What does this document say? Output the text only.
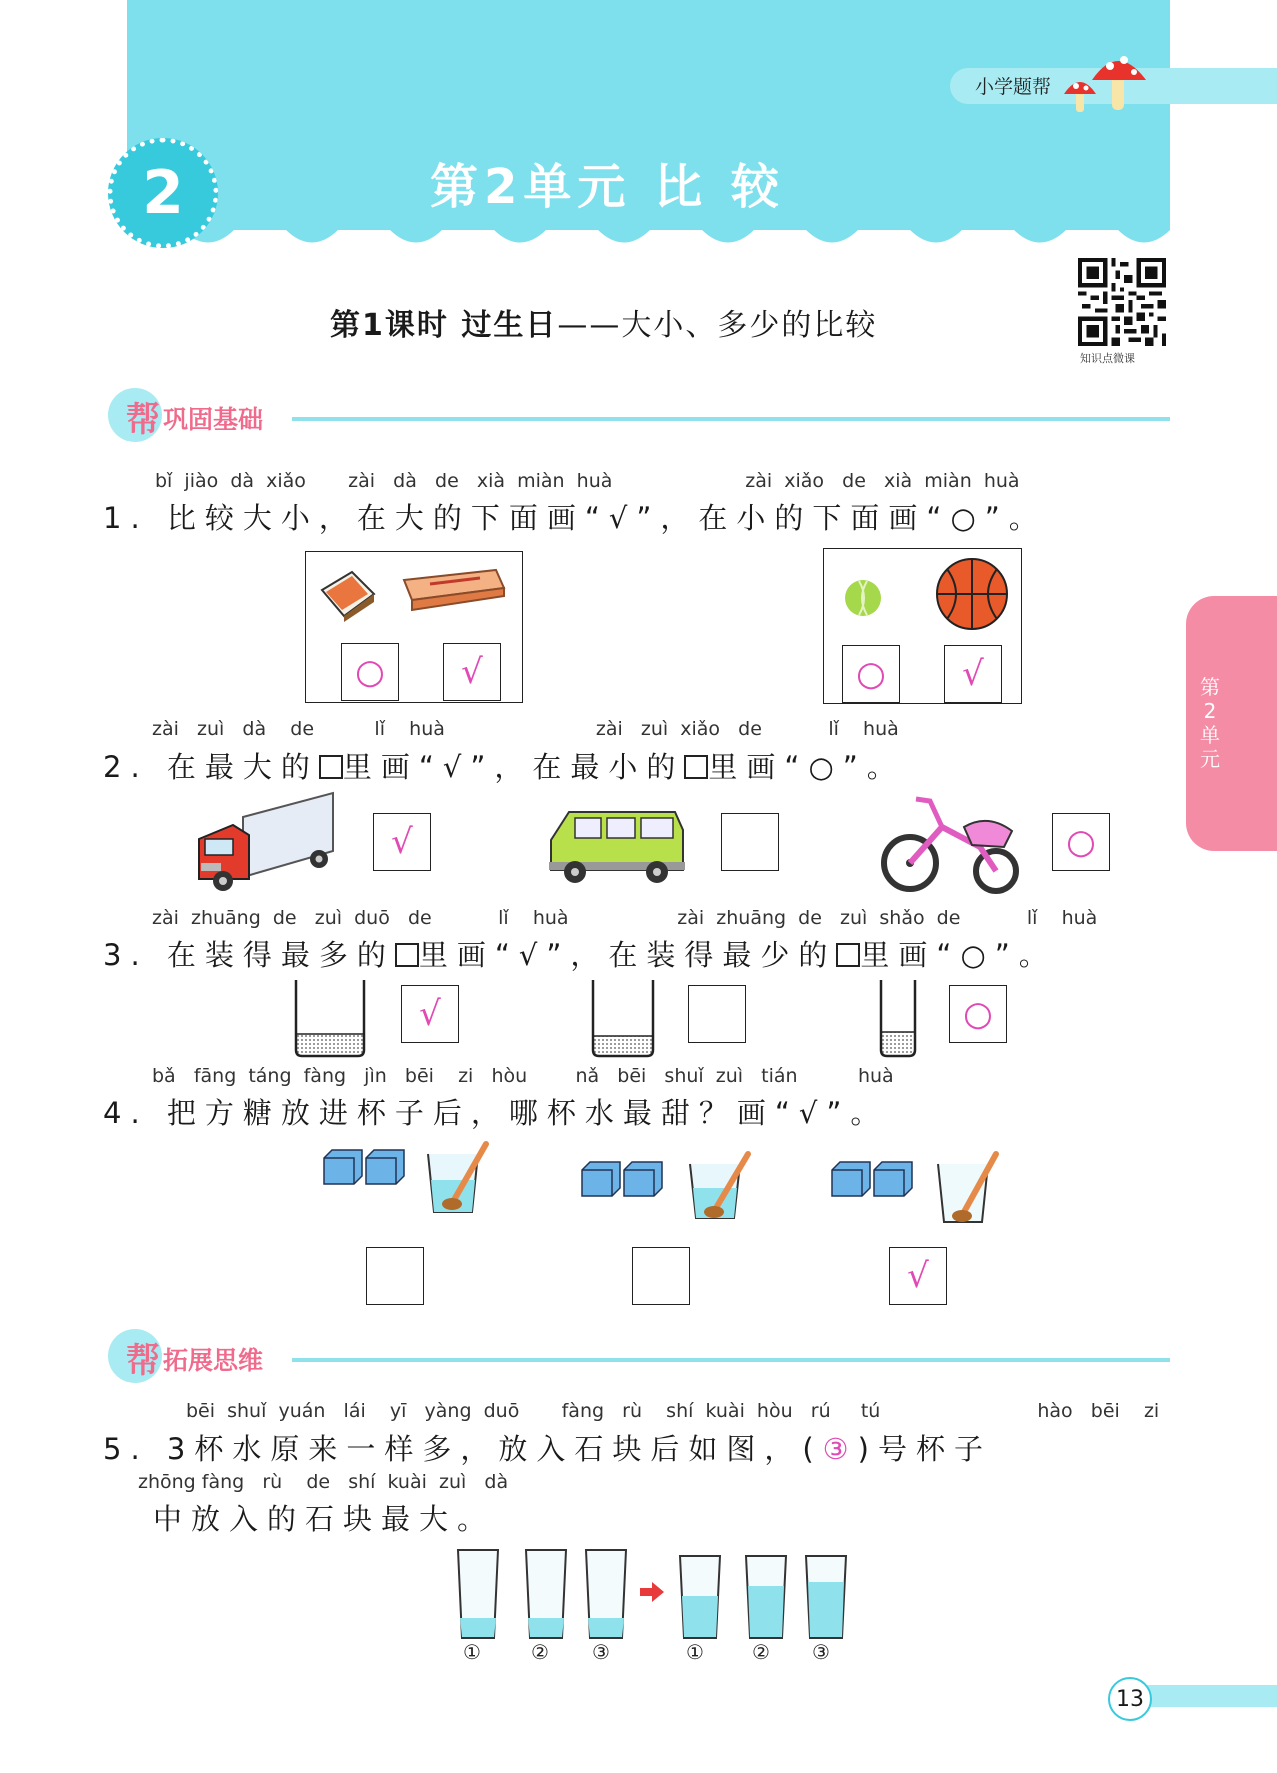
小学题帮
2	第2单元 比 较
第1课时 过生日——大小、多少的比较
知识点微课
第2单元
帮 巩固基础
bǐ  jiào  dà  xiǎo       zài   dà   de   xià  miàn  huà                      zài  xiǎo   de   xià  miàn  huà
1. 比较大小，在大的下面画“√”，在小的下面画“○”。
○	√	○	√
zài   zuì   dà    de          lǐ    huà                         zài   zuì  xiǎo   de           lǐ    huà
2. 在最大的 里画“√”，在最小的 里画“○”。
√	○
zài  zhuāng  de   zuì  duō   de           lǐ    huà                  zài  zhuāng  de   zuì  shǎo  de           lǐ    huà
3. 在装得最多的 里画“√”，在装得最少的 里画“○”。
√	○
bǎ   fāng  táng  fàng   jìn   bēi    zi   hòu        nǎ   bēi   shuǐ  zuì   tián          huà
4. 把方糖放进杯子后，哪杯水最甜？画“√”。
√
帮 拓展思维
bēi  shuǐ  yuán   lái    yī   yàng  duō       fàng   rù    shí  kuài  hòu   rú     tú                          hào   bēi    zi
5. 3杯水原来一样多，放入石块后如图，(③)号杯子
zhōng fàng   rù    de   shí  kuài  zuì   dà
中放入的石块最大。
①	② ③	① ② ③
13
